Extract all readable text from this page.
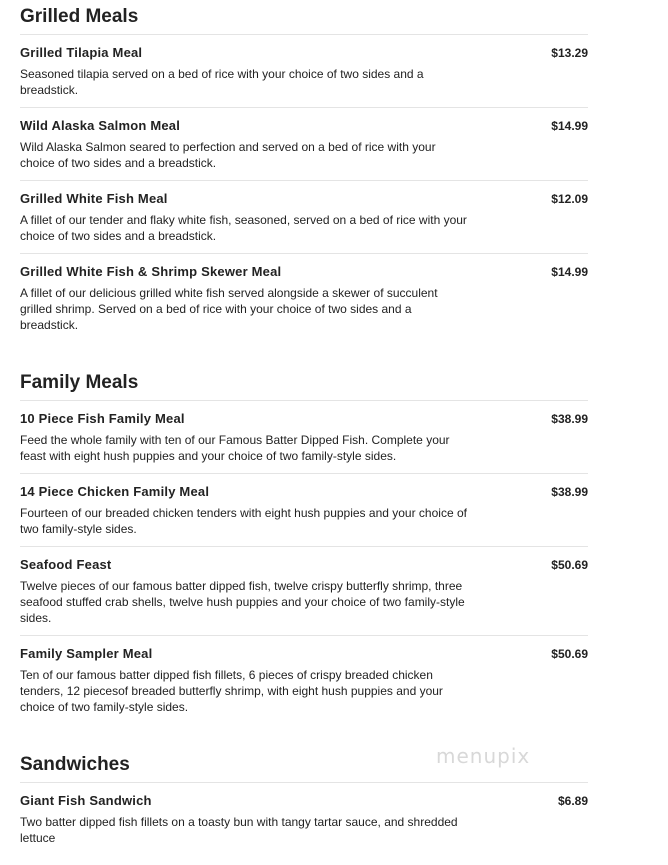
Grilled Meals
Grilled Tilapia Meal	$13.29
Seasoned tilapia served on a bed of rice with your choice of two sides and a breadstick.
Wild Alaska Salmon Meal	$14.99
Wild Alaska Salmon seared to perfection and served on a bed of rice with your choice of two sides and a breadstick.
Grilled White Fish Meal	$12.09
A fillet of our tender and flaky white fish, seasoned, served on a bed of rice with your choice of two sides and a breadstick.
Grilled White Fish & Shrimp Skewer Meal	$14.99
A fillet of our delicious grilled white fish served alongside a skewer of succulent grilled shrimp. Served on a bed of rice with your choice of two sides and a breadstick.
Family Meals
10 Piece Fish Family Meal	$38.99
Feed the whole family with ten of our Famous Batter Dipped Fish. Complete your feast with eight hush puppies and your choice of two family-style sides.
14 Piece Chicken Family Meal	$38.99
Fourteen of our breaded chicken tenders with eight hush puppies and your choice of two family-style sides.
Seafood Feast	$50.69
Twelve pieces of our famous batter dipped fish, twelve crispy butterfly shrimp, three seafood stuffed crab shells, twelve hush puppies and your choice of two family-style sides.
Family Sampler Meal	$50.69
Ten of our famous batter dipped fish fillets, 6 pieces of crispy breaded chicken tenders, 12 piecesof breaded butterfly shrimp, with eight hush puppies and your choice of two family-style sides.
Sandwiches
Giant Fish Sandwich	$6.89
Two batter dipped fish fillets on a toasty bun with tangy tartar sauce, and shredded lettuce
menupix
